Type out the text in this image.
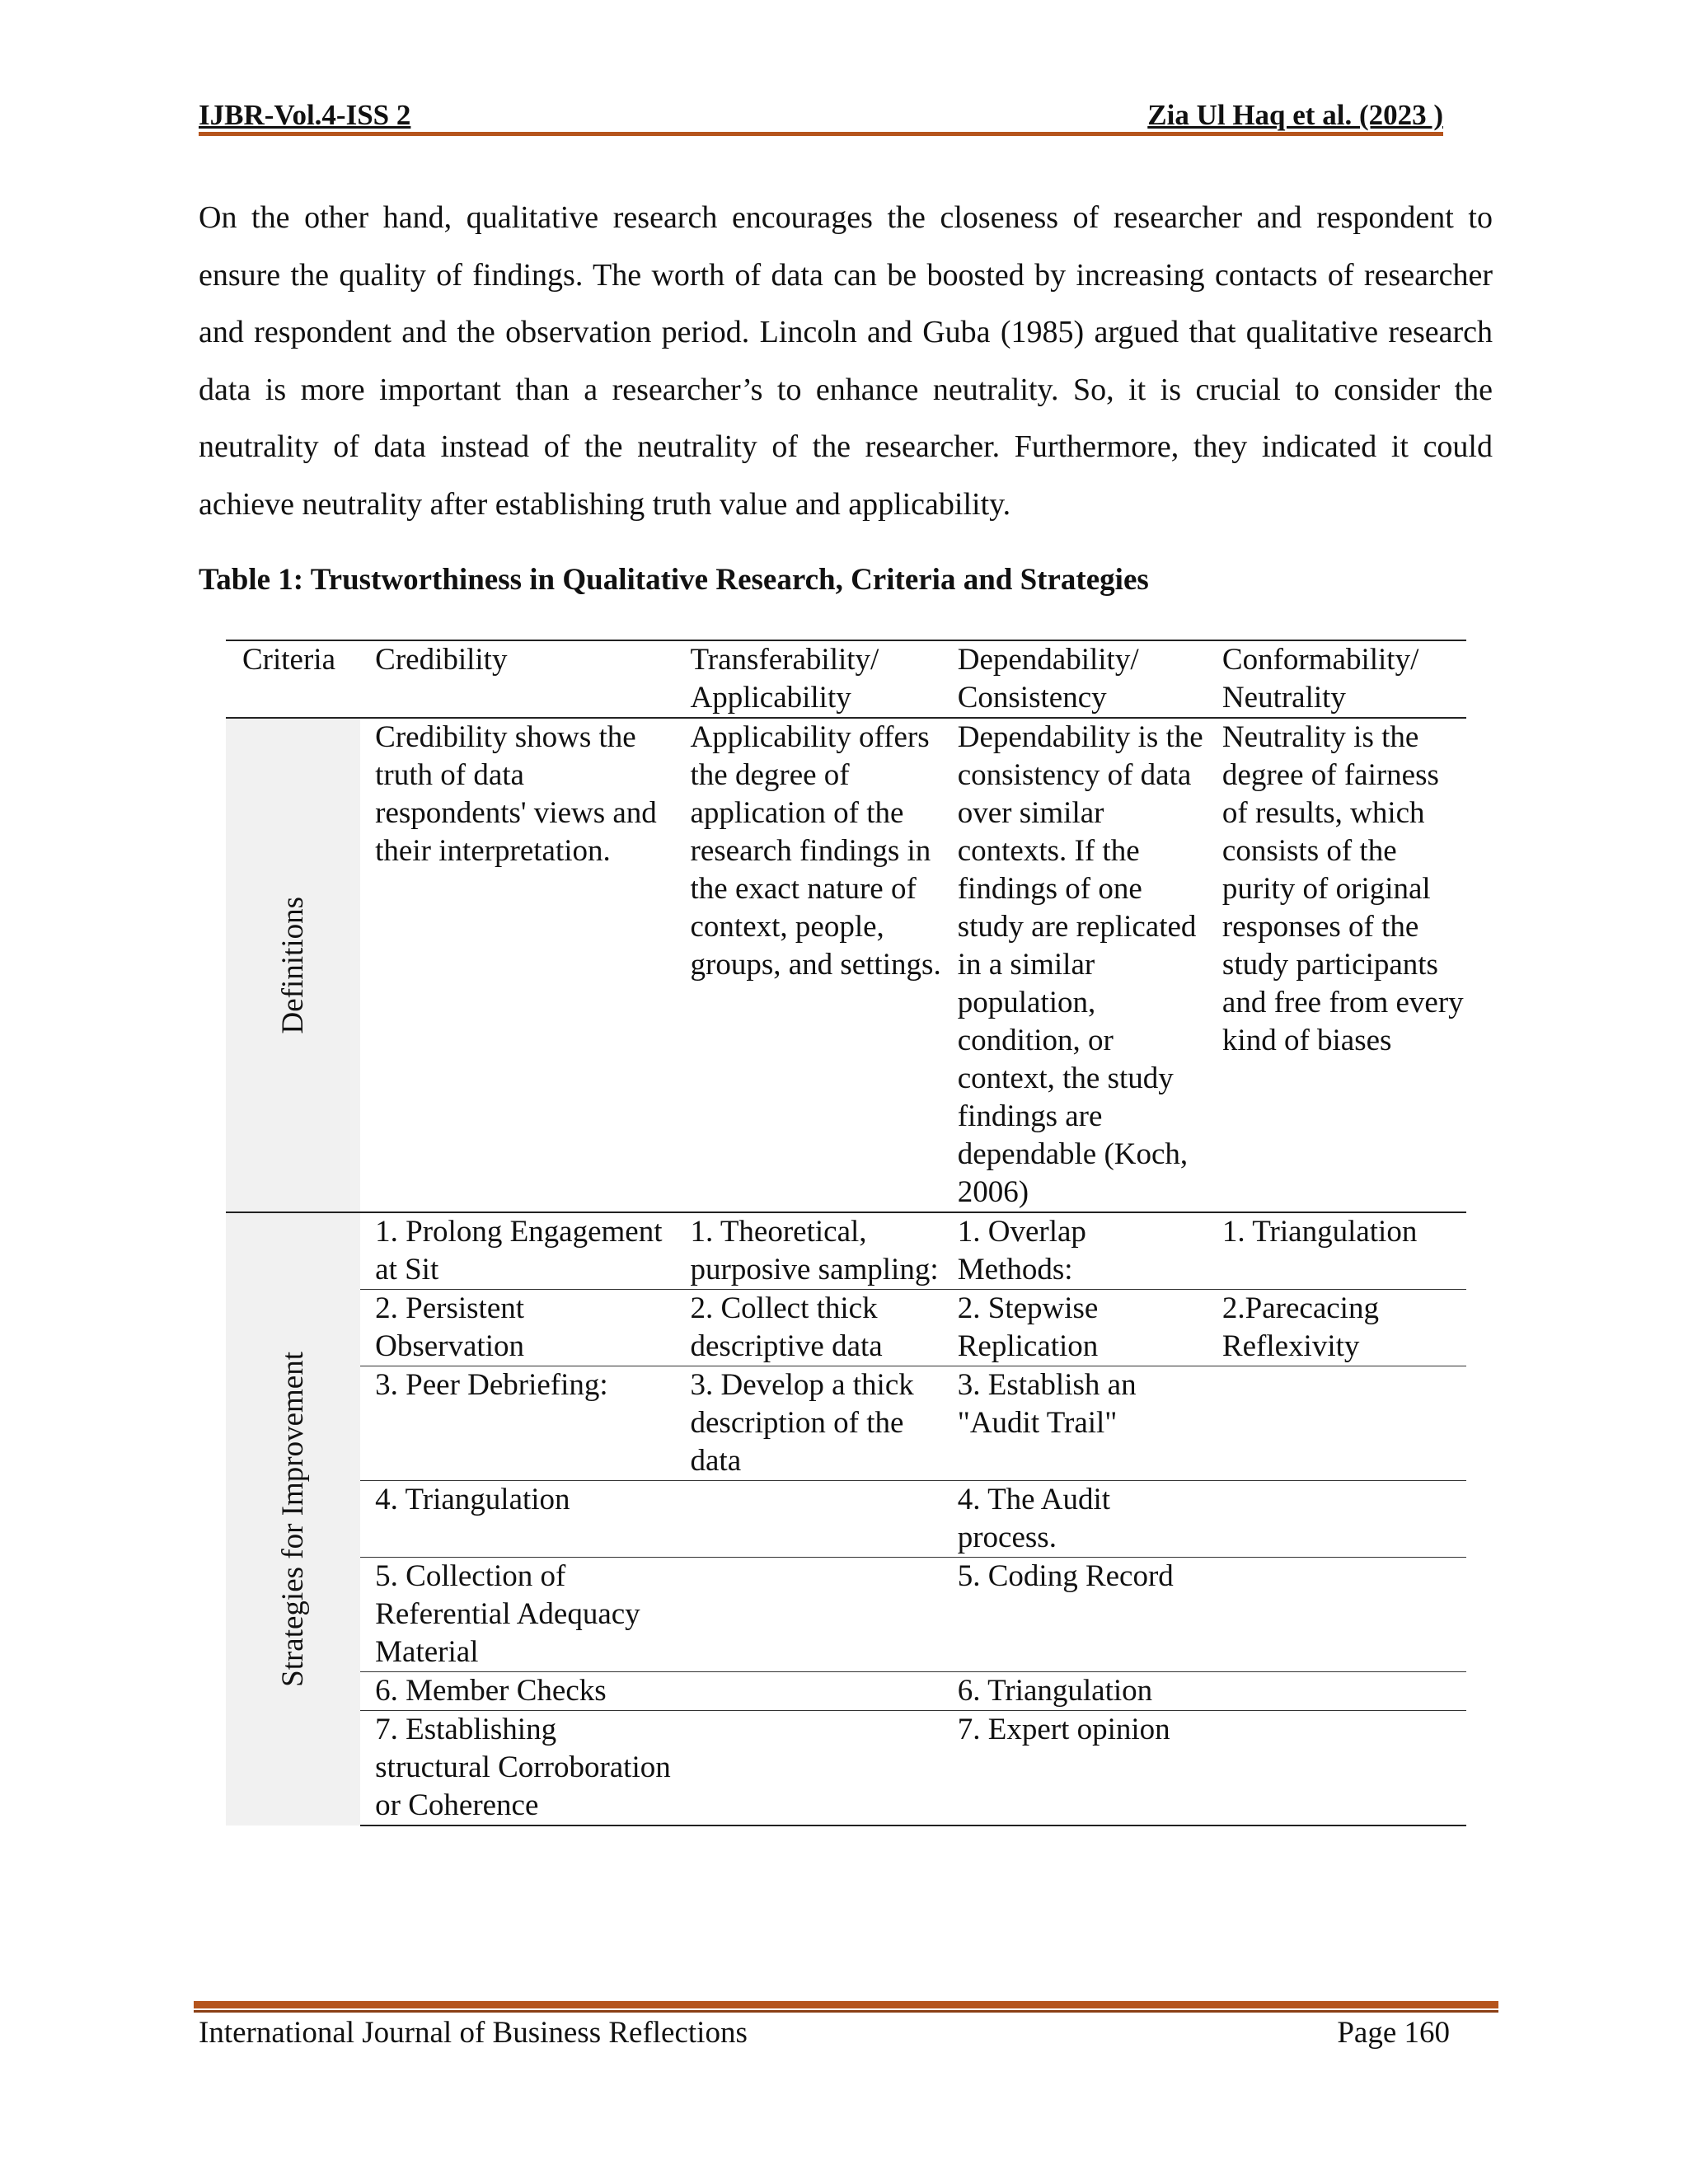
IJBR-Vol.4-ISS 2	Zia Ul Haq et al. (2023 )

On the other hand, qualitative research encourages the closeness of researcher and respondent to ensure the quality of findings. The worth of data can be boosted by increasing contacts of researcher and respondent and the observation period. Lincoln and Guba (1985) argued that qualitative research data is more important than a researcher’s to enhance neutrality. So, it is crucial to consider the neutrality of data instead of the neutrality of the researcher. Furthermore, they indicated it could achieve neutrality after establishing truth value and applicability.

Table 1: Trustworthiness in Qualitative Research, Criteria and Strategies

Criteria	Credibility	Transferability/ Applicability	Dependability/ Consistency	Conformability/ Neutrality

Definitions	Credibility shows the truth of data respondents' views and their interpretation.	Applicability offers the degree of application of the research findings in the exact nature of context, people, groups, and settings.	Dependability is the consistency of data over similar contexts. If the findings of one study are replicated in a similar population, condition, or context, the study findings are dependable (Koch, 2006)	Neutrality is the degree of fairness of results, which consists of the purity of original responses of the study participants and free from every kind of biases

Strategies for Improvement	1. Prolong Engagement at Sit	1. Theoretical, purposive sampling:	1. Overlap Methods:	1. Triangulation
	2. Persistent Observation	2. Collect thick descriptive data	2. Stepwise Replication	2.Parecacing Reflexivity
	3. Peer Debriefing:	3. Develop a thick description of the data	3. Establish an "Audit Trail"	
	4. Triangulation		4. The Audit process.	
	5. Collection of Referential Adequacy Material		5. Coding Record	
	6. Member Checks		6. Triangulation	
	7. Establishing structural Corroboration or Coherence		7. Expert opinion	
International Journal of Business Reflections	Page 160
